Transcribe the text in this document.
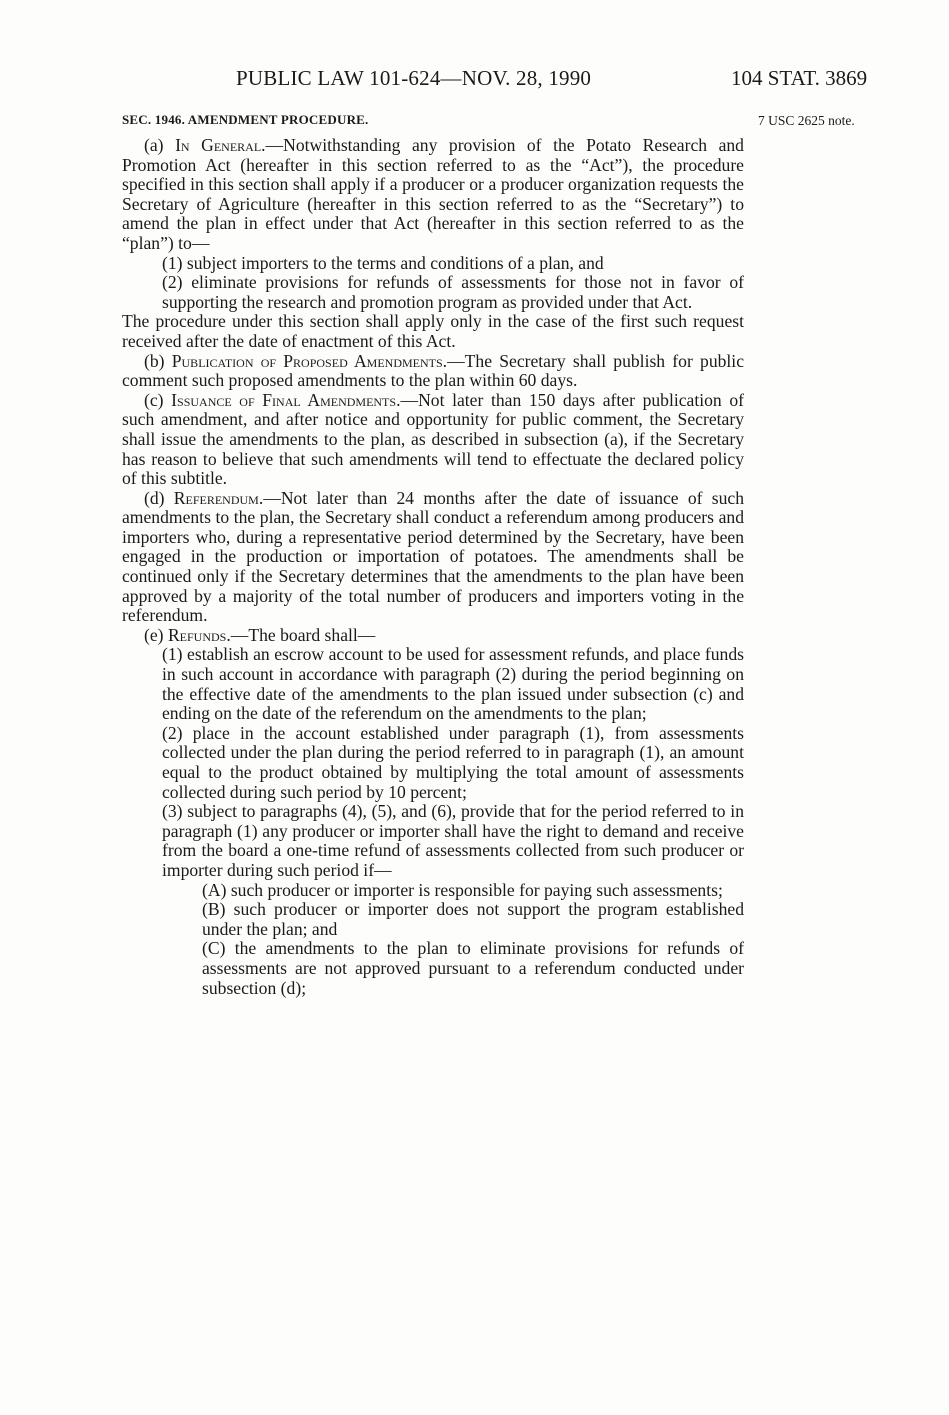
PUBLIC LAW 101-624—NOV. 28, 1990	104 STAT. 3869
SEC. 1946. AMENDMENT PROCEDURE.	7 USC 2625 note.

(a) In General.—Notwithstanding any provision of the Potato Research and Promotion Act (hereafter in this section referred to as the “Act”), the procedure specified in this section shall apply if a producer or a producer organization requests the Secretary of Agriculture (hereafter in this section referred to as the “Secretary”) to amend the plan in effect under that Act (hereafter in this section referred to as the “plan”) to—

(1) subject importers to the terms and conditions of a plan, and

(2) eliminate provisions for refunds of assessments for those not in favor of supporting the research and promotion program as provided under that Act.

The procedure under this section shall apply only in the case of the first such request received after the date of enactment of this Act.

(b) Publication of Proposed Amendments.—The Secretary shall publish for public comment such proposed amendments to the plan within 60 days.

(c) Issuance of Final Amendments.—Not later than 150 days after publication of such amendment, and after notice and opportunity for public comment, the Secretary shall issue the amendments to the plan, as described in subsection (a), if the Secretary has reason to believe that such amendments will tend to effectuate the declared policy of this subtitle.

(d) Referendum.—Not later than 24 months after the date of issuance of such amendments to the plan, the Secretary shall conduct a referendum among producers and importers who, during a representative period determined by the Secretary, have been engaged in the production or importation of potatoes. The amendments shall be continued only if the Secretary determines that the amendments to the plan have been approved by a majority of the total number of producers and importers voting in the referendum.

(e) Refunds.—The board shall—

(1) establish an escrow account to be used for assessment refunds, and place funds in such account in accordance with paragraph (2) during the period beginning on the effective date of the amendments to the plan issued under subsection (c) and ending on the date of the referendum on the amendments to the plan;

(2) place in the account established under paragraph (1), from assessments collected under the plan during the period referred to in paragraph (1), an amount equal to the product obtained by multiplying the total amount of assessments collected during such period by 10 percent;

(3) subject to paragraphs (4), (5), and (6), provide that for the period referred to in paragraph (1) any producer or importer shall have the right to demand and receive from the board a one-time refund of assessments collected from such producer or importer during such period if—

(A) such producer or importer is responsible for paying such assessments;

(B) such producer or importer does not support the program established under the plan; and

(C) the amendments to the plan to eliminate provisions for refunds of assessments are not approved pursuant to a referendum conducted under subsection (d);
